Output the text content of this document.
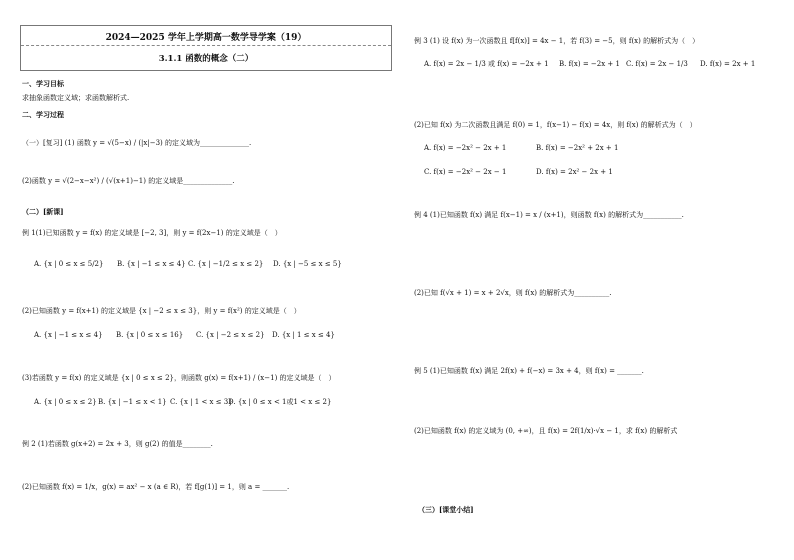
2024—2025 学年上学期高一数学导学案（19）
3.1.1 函数的概念（二）
一、学习目标
求抽象函数定义域；求函数解析式.
二、学习过程
（一）[复习] (1) 函数 y = √(5−x) / (|x|−3) 的定义域为______________.
(2)函数 y = √(2−x−x²) / (√(x+1)−1) 的定义域是______________.
（二）[新课]
例 1(1)已知函数 y = f(x) 的定义域是 [−2, 3]，则 y = f(2x−1) 的定义域是（　）
A. {x | 0 ≤ x ≤ 5/2} B. {x | −1 ≤ x ≤ 4} C. {x | −1/2 ≤ x ≤ 2} D. {x | −5 ≤ x ≤ 5}
(2)已知函数 y = f(x+1) 的定义域是 {x | −2 ≤ x ≤ 3}，则 y = f(x²) 的定义域是（　）
A. {x | −1 ≤ x ≤ 4} B. {x | 0 ≤ x ≤ 16} C. {x | −2 ≤ x ≤ 2} D. {x | 1 ≤ x ≤ 4}
(3)若函数 y = f(x) 的定义域是 {x | 0 ≤ x ≤ 2}，则函数 g(x) = f(x+1) / (x−1) 的定义域是（　）
A. {x | 0 ≤ x ≤ 2} B. {x | −1 ≤ x < 1} C. {x | 1 < x ≤ 3}
D. {x | 0 ≤ x < 1或1 < x ≤ 2}
例 2 (1)若函数 g(x+2) = 2x + 3，则 g(2) 的值是________.
(2)已知函数 f(x) = 1/x，g(x) = ax² − x (a ∈ R)，若 f[g(1)] = 1，则 a = _______.
例 3 (1) 设 f(x) 为一次函数且 f[f(x)] = 4x − 1，若 f(3) = −5，则 f(x) 的解析式为（　）
A. f(x) = 2x − 1/3 或 f(x) = −2x + 1 B. f(x) = −2x + 1 C. f(x) = 2x − 1/3 D. f(x) = 2x + 1
(2)已知 f(x) 为二次函数且满足 f(0) = 1，f(x−1) − f(x) = 4x，则 f(x) 的解析式为（　）
A. f(x) = −2x² − 2x + 1	B. f(x) = −2x² + 2x + 1
C. f(x) = −2x² − 2x − 1	D. f(x) = 2x² − 2x + 1
例 4 (1)已知函数 f(x) 满足 f(x−1) = x / (x+1)，则函数 f(x) 的解析式为___________.
(2)已知 f(√x + 1) = x + 2√x，则 f(x) 的解析式为__________.
例 5 (1)已知函数 f(x) 满足 2f(x) + f(−x) = 3x + 4，则 f(x) = _______.
(2)已知函数 f(x) 的定义域为 (0, +∞)，且 f(x) = 2f(1/x)·√x − 1，求 f(x) 的解析式
（三）[课堂小结]
